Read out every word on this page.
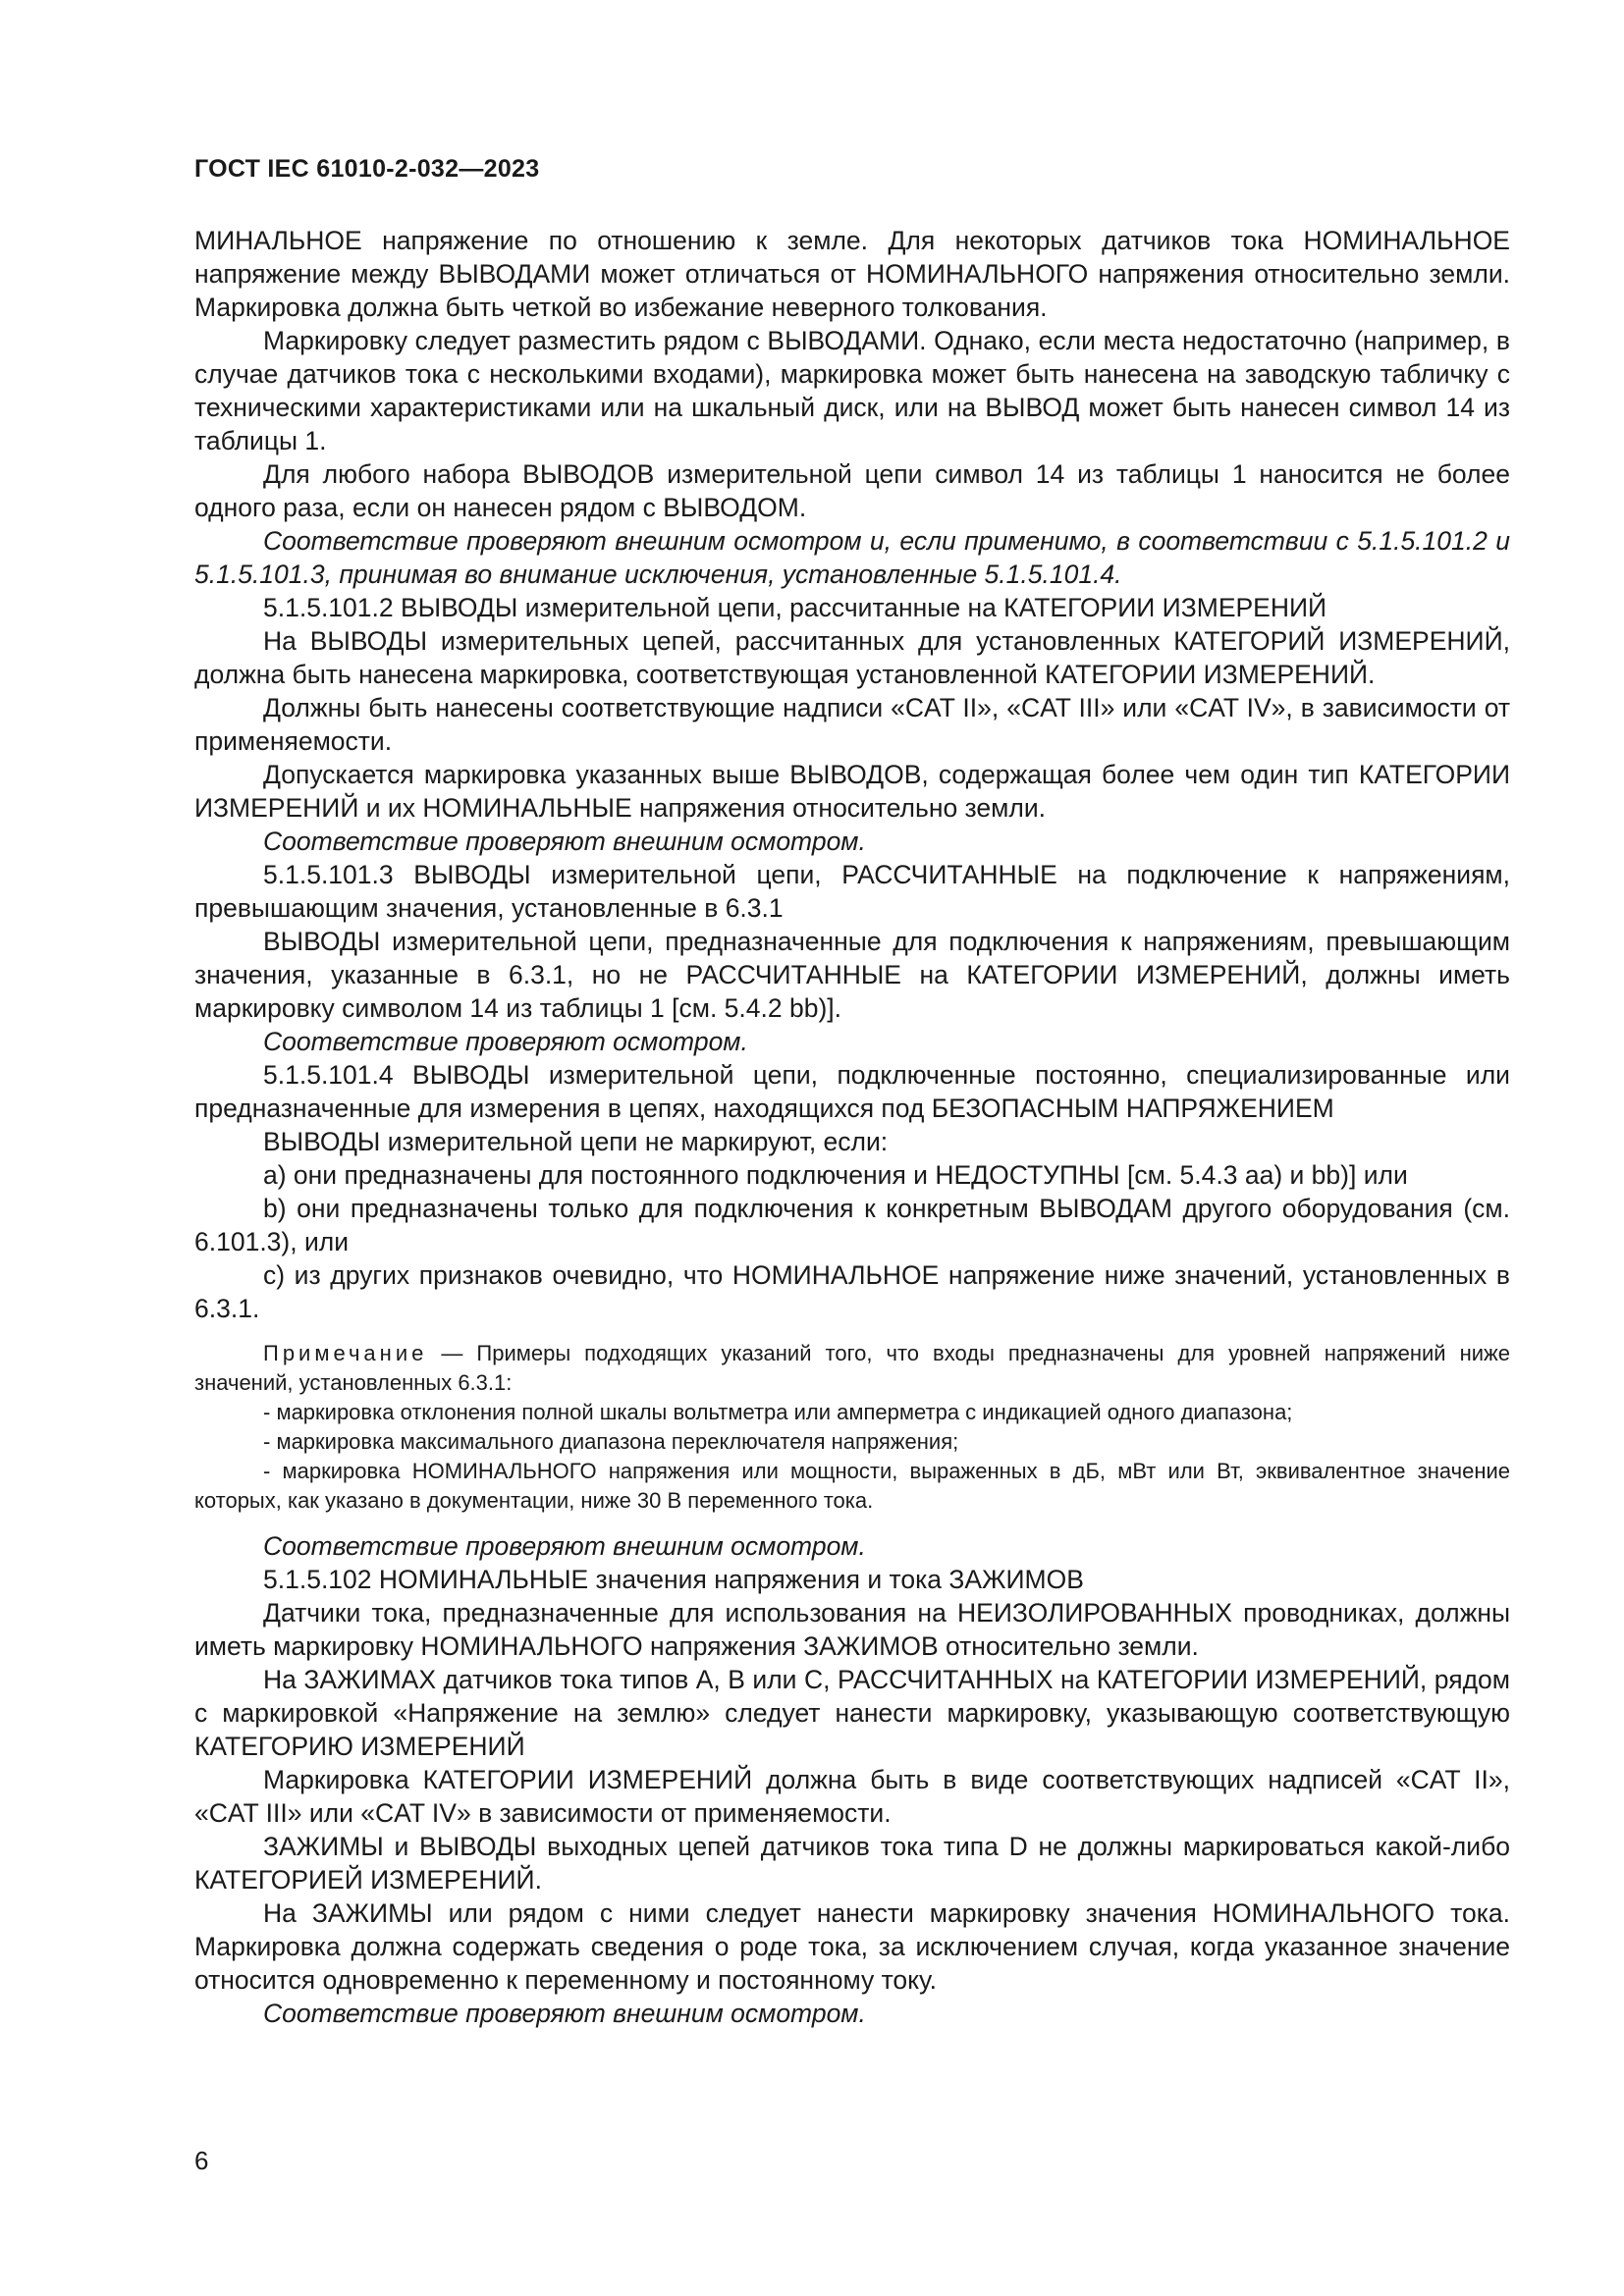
ГОСТ IEC 61010-2-032—2023

МИНАЛЬНОЕ напряжение по отношению к земле. Для некоторых датчиков тока НОМИНАЛЬНОЕ напряжение между ВЫВОДАМИ может отличаться от НОМИНАЛЬНОГО напряжения относительно земли. Маркировка должна быть четкой во избежание неверного толкования.

Маркировку следует разместить рядом с ВЫВОДАМИ. Однако, если места недостаточно (например, в случае датчиков тока с несколькими входами), маркировка может быть нанесена на заводскую табличку с техническими характеристиками или на шкальный диск, или на ВЫВОД может быть нанесен символ 14 из таблицы 1.

Для любого набора ВЫВОДОВ измерительной цепи символ 14 из таблицы 1 наносится не более одного раза, если он нанесен рядом с ВЫВОДОМ.

Соответствие проверяют внешним осмотром и, если применимо, в соответствии с 5.1.5.101.2 и 5.1.5.101.3, принимая во внимание исключения, установленные 5.1.5.101.4.

5.1.5.101.2 ВЫВОДЫ измерительной цепи, рассчитанные на КАТЕГОРИИ ИЗМЕРЕНИЙ

На ВЫВОДЫ измерительных цепей, рассчитанных для установленных КАТЕГОРИЙ ИЗМЕРЕНИЙ, должна быть нанесена маркировка, соответствующая установленной КАТЕГОРИИ ИЗМЕРЕНИЙ.

Должны быть нанесены соответствующие надписи «CAT II», «CAT III» или «CAT IV», в зависимости от применяемости.

Допускается маркировка указанных выше ВЫВОДОВ, содержащая более чем один тип КАТЕГОРИИ ИЗМЕРЕНИЙ и их НОМИНАЛЬНЫЕ напряжения относительно земли.

Соответствие проверяют внешним осмотром.

5.1.5.101.3 ВЫВОДЫ измерительной цепи, РАССЧИТАННЫЕ на подключение к напряжениям, превышающим значения, установленные в 6.3.1

ВЫВОДЫ измерительной цепи, предназначенные для подключения к напряжениям, превышающим значения, указанные в 6.3.1, но не РАССЧИТАННЫЕ на КАТЕГОРИИ ИЗМЕРЕНИЙ, должны иметь маркировку символом 14 из таблицы 1 [см. 5.4.2 bb)].

Соответствие проверяют осмотром.

5.1.5.101.4 ВЫВОДЫ измерительной цепи, подключенные постоянно, специализированные или предназначенные для измерения в цепях, находящихся под БЕЗОПАСНЫМ НАПРЯЖЕНИЕМ

ВЫВОДЫ измерительной цепи не маркируют, если:

a) они предназначены для постоянного подключения и НЕДОСТУПНЫ [см. 5.4.3 aa) и bb)] или

b) они предназначены только для подключения к конкретным ВЫВОДАМ другого оборудования (см. 6.101.3), или

c) из других признаков очевидно, что НОМИНАЛЬНОЕ напряжение ниже значений, установленных в 6.3.1.

Примечание — Примеры подходящих указаний того, что входы предназначены для уровней напряжений ниже значений, установленных 6.3.1:

- маркировка отклонения полной шкалы вольтметра или амперметра с индикацией одного диапазона;

- маркировка максимального диапазона переключателя напряжения;

- маркировка НОМИНАЛЬНОГО напряжения или мощности, выраженных в дБ, мВт или Вт, эквивалентное значение которых, как указано в документации, ниже 30 В переменного тока.

Соответствие проверяют внешним осмотром.

5.1.5.102 НОМИНАЛЬНЫЕ значения напряжения и тока ЗАЖИМОВ

Датчики тока, предназначенные для использования на НЕИЗОЛИРОВАННЫХ проводниках, должны иметь маркировку НОМИНАЛЬНОГО напряжения ЗАЖИМОВ относительно земли.

На ЗАЖИМАХ датчиков тока типов А, В или С, РАССЧИТАННЫХ на КАТЕГОРИИ ИЗМЕРЕНИЙ, рядом с маркировкой «Напряжение на землю» следует нанести маркировку, указывающую соответствующую КАТЕГОРИЮ ИЗМЕРЕНИЙ

Маркировка КАТЕГОРИИ ИЗМЕРЕНИЙ должна быть в виде соответствующих надписей «CAT II», «CAT III» или «CAT IV» в зависимости от применяемости.

ЗАЖИМЫ и ВЫВОДЫ выходных цепей датчиков тока типа D не должны маркироваться какой-либо КАТЕГОРИЕЙ ИЗМЕРЕНИЙ.

На ЗАЖИМЫ или рядом с ними следует нанести маркировку значения НОМИНАЛЬНОГО тока. Маркировка должна содержать сведения о роде тока, за исключением случая, когда указанное значение относится одновременно к переменному и постоянному току.

Соответствие проверяют внешним осмотром.

6
